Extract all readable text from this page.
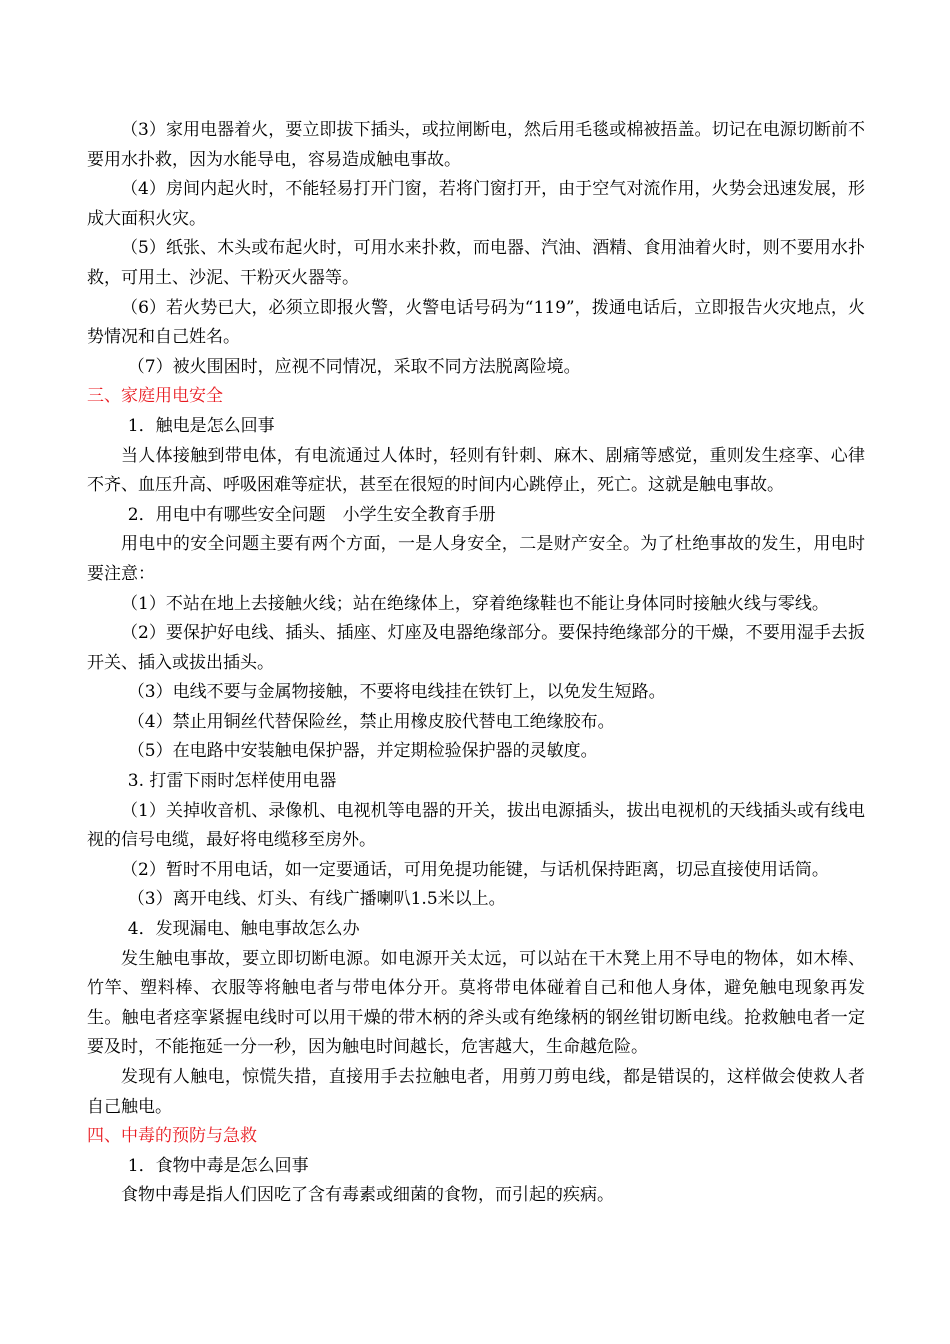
（3）家用电器着火，要立即拔下插头，或拉闸断电，然后用毛毯或棉被捂盖。切记在电源切断前不要用水扑救，因为水能导电，容易造成触电事故。

（4）房间内起火时，不能轻易打开门窗，若将门窗打开，由于空气对流作用，火势会迅速发展，形成大面积火灾。

（5）纸张、木头或布起火时，可用水来扑救，而电器、汽油、酒精、食用油着火时，则不要用水扑救，可用土、沙泥、干粉灭火器等。

（6）若火势已大，必须立即报火警，火警电话号码为“119”，拨通电话后，立即报告火灾地点，火势情况和自己姓名。

（7）被火围困时，应视不同情况，采取不同方法脱离险境。

三、家庭用电安全

1．触电是怎么回事

当人体接触到带电体，有电流通过人体时，轻则有针刺、麻木、剧痛等感觉，重则发生痉挛、心律不齐、血压升高、呼吸困难等症状，甚至在很短的时间内心跳停止，死亡。这就是触电事故。

2．用电中有哪些安全问题　小学生安全教育手册

用电中的安全问题主要有两个方面，一是人身安全，二是财产安全。为了杜绝事故的发生，用电时要注意：

（1）不站在地上去接触火线；站在绝缘体上，穿着绝缘鞋也不能让身体同时接触火线与零线。

（2）要保护好电线、插头、插座、灯座及电器绝缘部分。要保持绝缘部分的干燥，不要用湿手去扳开关、插入或拔出插头。

（3）电线不要与金属物接触，不要将电线挂在铁钉上，以免发生短路。

（4）禁止用铜丝代替保险丝，禁止用橡皮胶代替电工绝缘胶布。

（5）在电路中安装触电保护器，并定期检验保护器的灵敏度。

3. 打雷下雨时怎样使用电器

（1）关掉收音机、录像机、电视机等电器的开关，拔出电源插头，拔出电视机的天线插头或有线电视的信号电缆，最好将电缆移至房外。

（2）暂时不用电话，如一定要通话，可用免提功能键，与话机保持距离，切忌直接使用话筒。

（3）离开电线、灯头、有线广播喇叭1.5米以上。

4．发现漏电、触电事故怎么办

发生触电事故，要立即切断电源。如电源开关太远，可以站在干木凳上用不导电的物体，如木棒、竹竿、塑料棒、衣服等将触电者与带电体分开。莫将带电体碰着自己和他人身体，避免触电现象再发生。触电者痉挛紧握电线时可以用干燥的带木柄的斧头或有绝缘柄的钢丝钳切断电线。抢救触电者一定要及时，不能拖延一分一秒，因为触电时间越长，危害越大，生命越危险。

发现有人触电，惊慌失措，直接用手去拉触电者，用剪刀剪电线，都是错误的，这样做会使救人者自己触电。

四、中毒的预防与急救

1．食物中毒是怎么回事

食物中毒是指人们因吃了含有毒素或细菌的食物，而引起的疾病。
